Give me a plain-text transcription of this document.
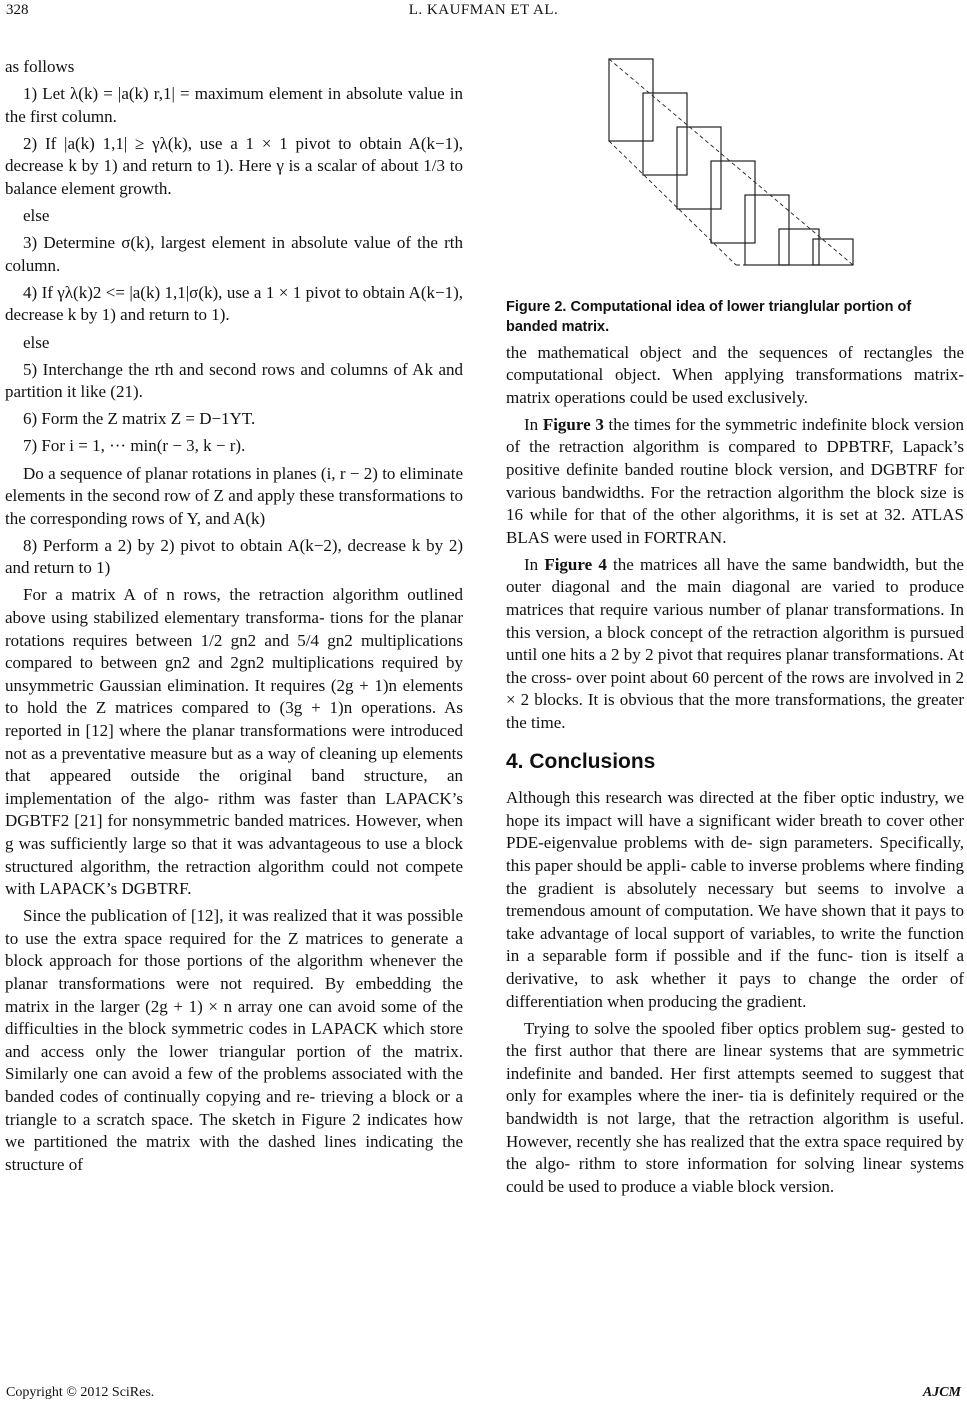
328	L. KAUFMAN ET AL.

as follows

1) Let λ(k) = |a(k) r,1| = maximum element in absolute value in the first column.

2) If |a(k) 1,1| ≥ γλ(k), use a 1 × 1 pivot to obtain A(k−1), decrease k by 1) and return to 1). Here γ is a scalar of about 1/3 to balance element growth.

else

3) Determine σ(k), largest element in absolute value of the rth column.

4) If γλ(k)2 <= |a(k) 1,1|σ(k), use a 1 × 1 pivot to obtain A(k−1), decrease k by 1) and return to 1).

else

5) Interchange the rth and second rows and columns of Ak and partition it like (21).

6) Form the Z matrix Z = D−1YT.

7) For i = 1, ··· min(r − 3, k − r).

Do a sequence of planar rotations in planes (i, r − 2) to eliminate elements in the second row of Z and apply these transformations to the corresponding rows of Y, and A(k)

8) Perform a 2) by 2) pivot to obtain A(k−2), decrease k by 2) and return to 1)

For a matrix A of n rows, the retraction algorithm outlined above using stabilized elementary transforma- tions for the planar rotations requires between 1/2 gn2 and 5/4 gn2 multiplications compared to between gn2 and 2gn2 multiplications required by unsymmetric Gaussian elimination. It requires (2g + 1)n elements to hold the Z matrices compared to (3g + 1)n operations. As reported in [12] where the planar transformations were introduced not as a preventative measure but as a way of cleaning up elements that appeared outside the original band structure, an implementation of the algo- rithm was faster than LAPACK’s DGBTF2 [21] for nonsymmetric banded matrices. However, when g was sufficiently large so that it was advantageous to use a block structured algorithm, the retraction algorithm could not compete with LAPACK’s DGBTRF.

Since the publication of [12], it was realized that it was possible to use the extra space required for the Z matrices to generate a block approach for those portions of the algorithm whenever the planar transformations were not required. By embedding the matrix in the larger (2g + 1) × n array one can avoid some of the difficulties in the block symmetric codes in LAPACK which store and access only the lower triangular portion of the matrix. Similarly one can avoid a few of the problems associated with the banded codes of continually copying and re- trieving a block or a triangle to a scratch space. The sketch in Figure 2 indicates how we partitioned the matrix with the dashed lines indicating the structure of

Figure 2. Computational idea of lower trianglular portion of banded matrix.

the mathematical object and the sequences of rectangles the computational object. When applying transformations matrix-matrix operations could be used exclusively.

In Figure 3 the times for the symmetric indefinite block version of the retraction algorithm is compared to DPBTRF, Lapack’s positive definite banded routine block version, and DGBTRF for various bandwidths. For the retraction algorithm the block size is 16 while for that of the other algorithms, it is set at 32. ATLAS BLAS were used in FORTRAN.

In Figure 4 the matrices all have the same bandwidth, but the outer diagonal and the main diagonal are varied to produce matrices that require various number of planar transformations. In this version, a block concept of the retraction algorithm is pursued until one hits a 2 by 2 pivot that requires planar transformations. At the cross- over point about 60 percent of the rows are involved in 2 × 2 blocks. It is obvious that the more transformations, the greater the time.

4. Conclusions

Although this research was directed at the fiber optic industry, we hope its impact will have a significant wider breath to cover other PDE-eigenvalue problems with de- sign parameters. Specifically, this paper should be appli- cable to inverse problems where finding the gradient is absolutely necessary but seems to involve a tremendous amount of computation. We have shown that it pays to take advantage of local support of variables, to write the function in a separable form if possible and if the func- tion is itself a derivative, to ask whether it pays to change the order of differentiation when producing the gradient.

Trying to solve the spooled fiber optics problem sug- gested to the first author that there are linear systems that are symmetric indefinite and banded. Her first attempts seemed to suggest that only for examples where the iner- tia is definitely required or the bandwidth is not large, that the retraction algorithm is useful. However, recently she has realized that the extra space required by the algo- rithm to store information for solving linear systems could be used to produce a viable block version.

Copyright © 2012 SciRes.	AJCM
